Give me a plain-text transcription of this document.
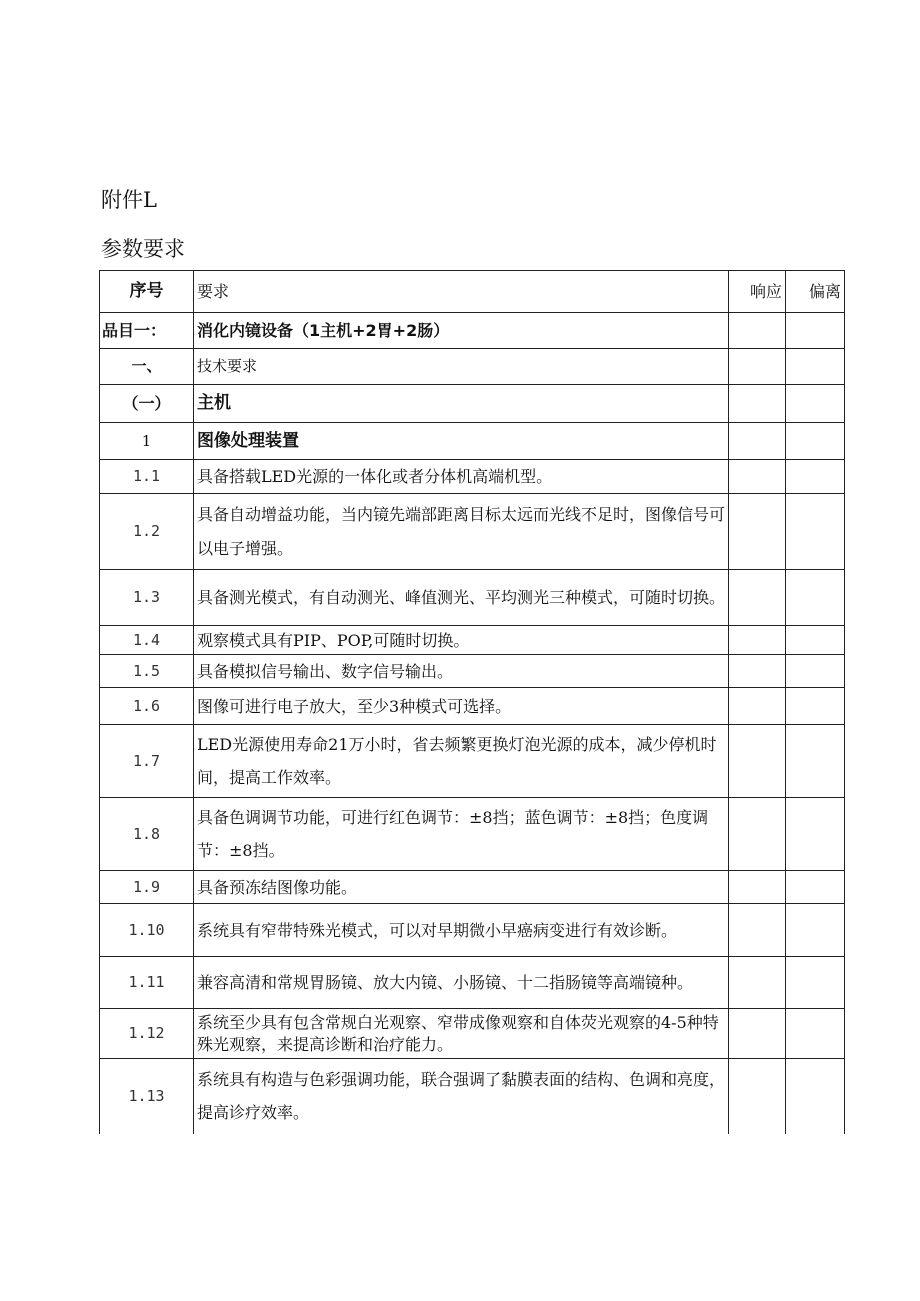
附件L
参数要求
序号	要求	响应	偏离
品目一：	消化内镜设备（1主机+2胃+2肠）		
一、	技术要求		
（一）	主机		
1	图像处理装置		
1.1	具备搭载LED光源的一体化或者分体机高端机型。		
1.2	具备自动增益功能，当内镜先端部距离目标太远而光线不足时，图像信号可以电子增强。		
1.3	具备测光模式，有自动测光、峰值测光、平均测光三种模式，可随时切换。		
1.4	观察模式具有PIP、POP,可随时切换。		
1.5	具备模拟信号输出、数字信号输出。		
1.6	图像可进行电子放大，至少3种模式可选择。		
1.7	LED光源使用寿命21万小时，省去频繁更换灯泡光源的成本，减少停机时间，提高工作效率。		
1.8	具备色调调节功能，可进行红色调节：±8挡；蓝色调节：±8挡；色度调节：±8挡。		
1.9	具备预冻结图像功能。		
1.10	系统具有窄带特殊光模式，可以对早期微小早癌病变进行有效诊断。		
1.11	兼容高清和常规胃肠镜、放大内镜、小肠镜、十二指肠镜等高端镜种。		
1.12	系统至少具有包含常规白光观察、窄带成像观察和自体荧光观察的4-5种特殊光观察，来提高诊断和治疗能力。		
1.13	系统具有构造与色彩强调功能，联合强调了黏膜表面的结构、色调和亮度，提高诊疗效率。		
